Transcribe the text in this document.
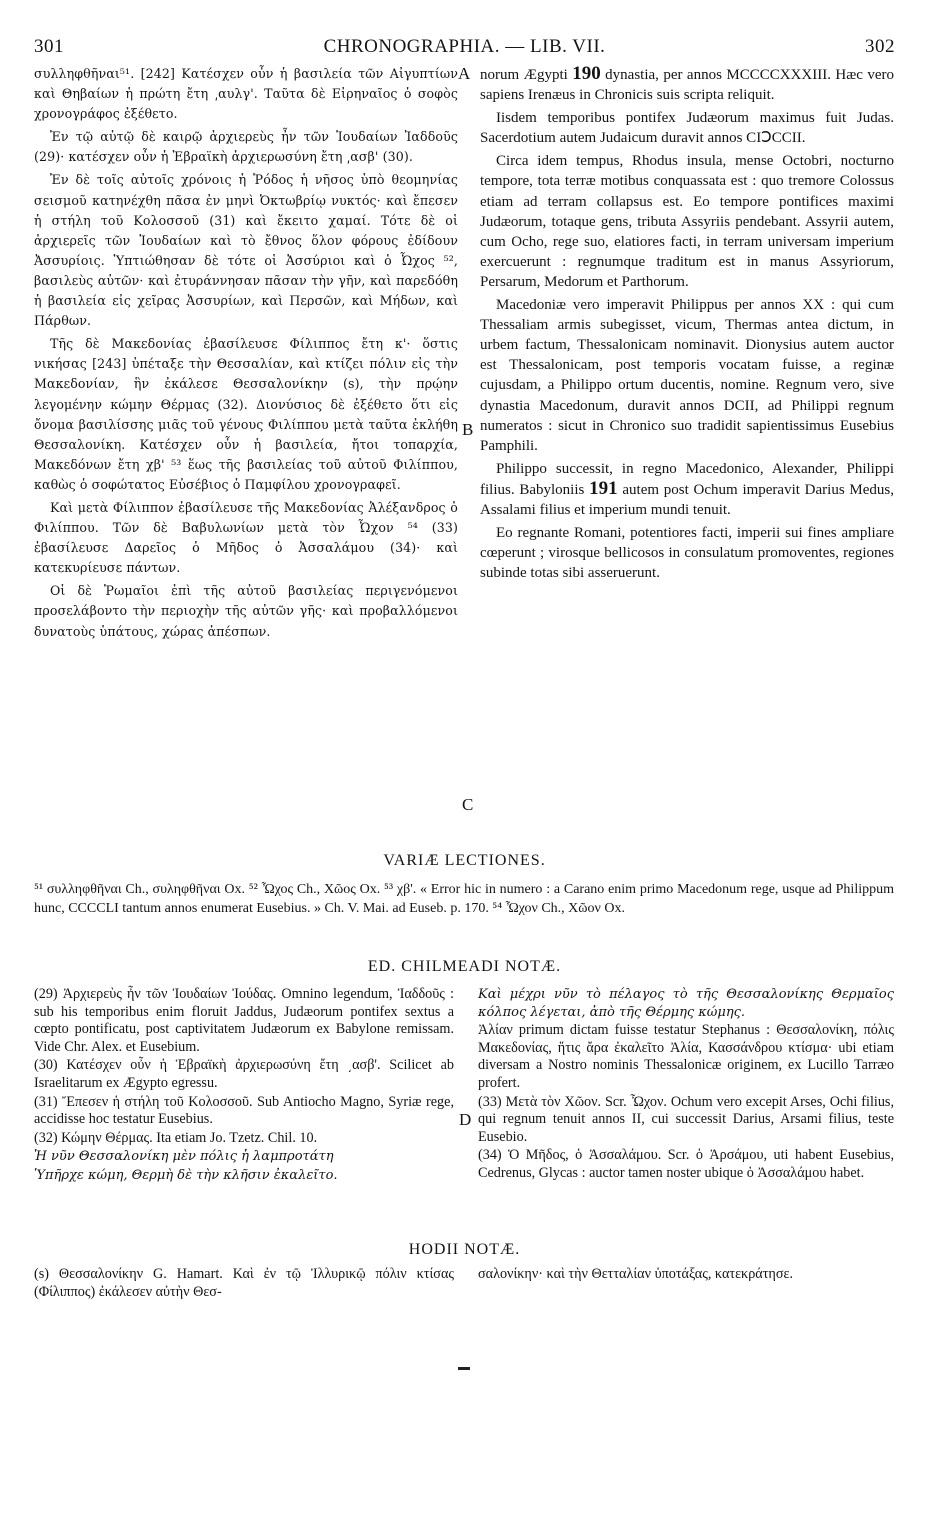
301	CHRONOGRAPHIA. — LIB. VII.	302

συλληφθῆναι⁵¹. [242] Κατέσχεν οὖν ἡ βασιλεία τῶν Αἰγυπτίων καὶ Θηβαίων ἡ πρώτη ἔτη ͵αυλγ'. Ταῦτα δὲ Εἰρηναῖος ὁ σοφὸς χρονογράφος ἐξέθετο.

Ἐν τῷ αὐτῷ δὲ καιρῷ ἀρχιερεὺς ἦν τῶν Ἰουδαίων Ἰαδδοῦς (29)· κατέσχεν οὖν ἡ Ἑβραϊκὴ ἀρχιερωσύνη ἔτη ͵ασβ' (30).

Ἐν δὲ τοῖς αὐτοῖς χρόνοις ἡ Ῥόδος ἡ νῆσος ὑπὸ θεομηνίας σεισμοῦ κατηνέχθη πᾶσα ἐν μηνὶ Ὀκτωβρίῳ νυκτός· καὶ ἔπεσεν ἡ στήλη τοῦ Κολοσσοῦ (31) καὶ ἔκειτο χαμαί. Τότε δὲ οἱ ἀρχιερεῖς τῶν Ἰουδαίων καὶ τὸ ἔθνος ὅλον φόρους ἐδίδουν Ἀσσυρίοις. Ὑπτιώθησαν δὲ τότε οἱ Ἀσσύριοι καὶ ὁ Ὦχος ⁵², βασιλεὺς αὐτῶν· καὶ ἐτυράννησαν πᾶσαν τὴν γῆν, καὶ παρεδόθη ἡ βασιλεία εἰς χεῖρας Ἀσσυρίων, καὶ Περσῶν, καὶ Μήδων, καὶ Πάρθων.

Τῆς δὲ Μακεδονίας ἐβασίλευσε Φίλιππος ἔτη κ'· ὅστις νικήσας [243] ὑπέταξε τὴν Θεσσαλίαν, καὶ κτίζει πόλιν εἰς τὴν Μακεδονίαν, ἣν ἐκάλεσε Θεσσαλονίκην (s), τὴν πρῴην λεγομένην κώμην Θέρμας (32). Διονύσιος δὲ ἐξέθετο ὅτι εἰς ὄνομα βασιλίσσης μιᾶς τοῦ γένους Φιλίππου μετὰ ταῦτα ἐκλήθη Θεσσαλονίκη. Κατέσχεν οὖν ἡ βασιλεία, ἤτοι τοπαρχία, Μακεδόνων ἔτη χβ' ⁵³ ἕως τῆς βασιλείας τοῦ αὐτοῦ Φιλίππου, καθὼς ὁ σοφώτατος Εὐσέβιος ὁ Παμφίλου χρονογραφεῖ.

Καὶ μετὰ Φίλιππον ἐβασίλευσε τῆς Μακεδονίας Ἀλέξανδρος ὁ Φιλίππου. Τῶν δὲ Βαβυλωνίων μετὰ τὸν Ὦχον ⁵⁴ (33) ἐβασίλευσε Δαρεῖος ὁ Μῆδος ὁ Ἀσσαλάμου (34)· καὶ κατεκυρίευσε πάντων.

Οἱ δὲ Ῥωμαῖοι ἐπὶ τῆς αὐτοῦ βασιλείας περιγενόμενοι προσελάβοντο τὴν περιοχὴν τῆς αὐτῶν γῆς· καὶ προβαλλόμενοι δυνατοὺς ὑπάτους, χώρας ἀπέσπων.

A
B
C

norum Ægypti 190 dynastia, per annos MCCCCXXXIII. Hæc vero sapiens Irenæus in Chronicis suis scripta reliquit.

Iisdem temporibus pontifex Judæorum maximus fuit Judas. Sacerdotium autem Judaicum duravit annos CIↃCCII.

Circa idem tempus, Rhodus insula, mense Octobri, nocturno tempore, tota terræ motibus conquassata est : quo tremore Colossus etiam ad terram collapsus est. Eo tempore pontifices maximi Judæorum, totaque gens, tributa Assyriis pendebant. Assyrii autem, cum Ocho, rege suo, elatiores facti, in terram universam imperium exercuerunt : regnumque traditum est in manus Assyriorum, Persarum, Medorum et Parthorum.

Macedoniæ vero imperavit Philippus per annos XX : qui cum Thessaliam armis subegisset, vicum, Thermas antea dictum, in urbem factum, Thessalonicam nominavit. Dionysius autem auctor est Thessalonicam, post temporis vocatam fuisse, a reginæ cujusdam, a Philippo ortum ducentis, nomine. Regnum vero, sive dynastia Macedonum, duravit annos DCII, ad Philippi regnum numeratos : sicut in Chronico suo tradidit sapientissimus Eusebius Pamphili.

Philippo successit, in regno Macedonico, Alexander, Philippi filius. Babyloniis 191 autem post Ochum imperavit Darius Medus, Assalami filius et imperium mundi tenuit.

Eo regnante Romani, potentiores facti, imperii sui fines ampliare cœperunt ; virosque bellicosos in consulatum promoventes, regiones subinde totas sibi asseruerunt.

VARIÆ LECTIONES.
⁵¹ συλληφθῆναι Ch., συληφθῆναι Ox. ⁵² Ὦχος Ch., Χῶος Ox. ⁵³ χβ'. « Error hic in numero : a Carano enim primo Macedonum rege, usque ad Philippum hunc, CCCCLI tantum annos enumerat Eusebius. » Ch. V. Mai. ad Euseb. p. 170. ⁵⁴ Ὦχον Ch., Χῶον Ox.
ED. CHILMEADI NOTÆ.

(29) Ἀρχιερεὺς ἦν τῶν Ἰουδαίων Ἰούδας. Omnino legendum, Ἰαδδοῦς : sub his temporibus enim floruit Jaddus, Judæorum pontifex sextus a cœpto pontificatu, post captivitatem Judæorum ex Babylone remissam. Vide Chr. Alex. et Eusebium.

(30) Κατέσχεν οὖν ἡ Ἑβραϊκὴ ἀρχιερωσύνη ἔτη ͵ασβ'. Scilicet ab Israelitarum ex Ægypto egressu.

(31) Ἔπεσεν ἡ στήλη τοῦ Κολοσσοῦ. Sub Antiocho Magno, Syriæ rege, accidisse hoc testatur Eusebius.

(32) Κώμην Θέρμας. Ita etiam Jo. Tzetz. Chil. 10.

Ἡ νῦν Θεσσαλονίκη μὲν πόλις ἡ λαμπροτάτη

Ὑπῆρχε κώμη, Θερμὴ δὲ τὴν κλῆσιν ἐκαλεῖτο.

D

Καὶ μέχρι νῦν τὸ πέλαγος τὸ τῆς Θεσσαλονίκης Θερμαῖος κόλπος λέγεται, ἀπὸ τῆς Θέρμης κώμης.

Ἀλίαν primum dictam fuisse testatur Stephanus : Θεσσαλονίκη, πόλις Μακεδονίας, ἥτις ἄρα ἐκαλεῖτο Ἀλία, Κασσάνδρου κτίσμα· ubi etiam diversam a Nostro nominis Thessalonicæ originem, ex Lucillo Tarræo profert.

(33) Μετὰ τὸν Χῶον. Scr. Ὦχον. Ochum vero excepit Arses, Ochi filius, qui regnum tenuit annos II, cui successit Darius, Arsami filius, teste Eusebio.

(34) Ὁ Μῆδος, ὁ Ἀσσαλάμου. Scr. ὁ Ἀρσάμου, uti habent Eusebius, Cedrenus, Glycas : auctor tamen noster ubique ὁ Ἀσσαλάμου habet.

HODII NOTÆ.

(s) Θεσσαλονίκην G. Hamart. Καὶ ἐν τῷ Ἰλλυρικῷ πόλιν κτίσας (Φίλιππος) ἐκάλεσεν αὐτὴν Θεσ-

σαλονίκην· καὶ τὴν Θετταλίαν ὑποτάξας, κατεκράτησε.
